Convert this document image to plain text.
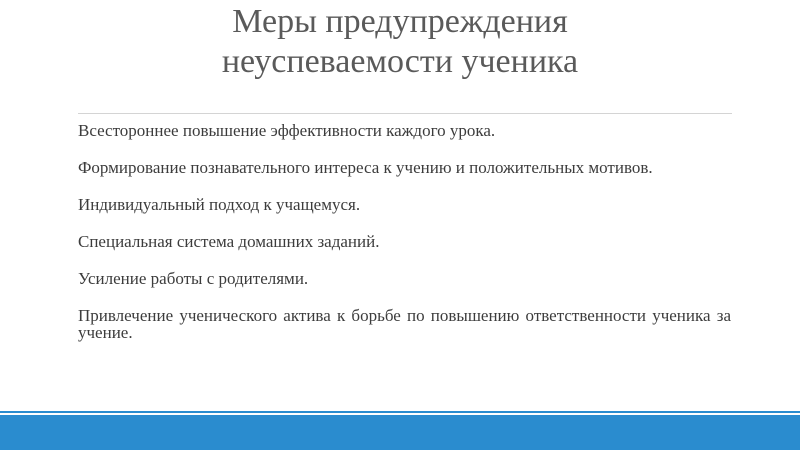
Меры предупреждения
неуспеваемости ученика
Всестороннее повышение эффективности каждого урока.
Формирование познавательного интереса к учению и положительных мотивов.
Индивидуальный подход к учащемуся.
Специальная система домашних заданий.
Усиление работы с родителями.
Привлечение ученического актива к борьбе по повышению ответственности ученика за учение.
